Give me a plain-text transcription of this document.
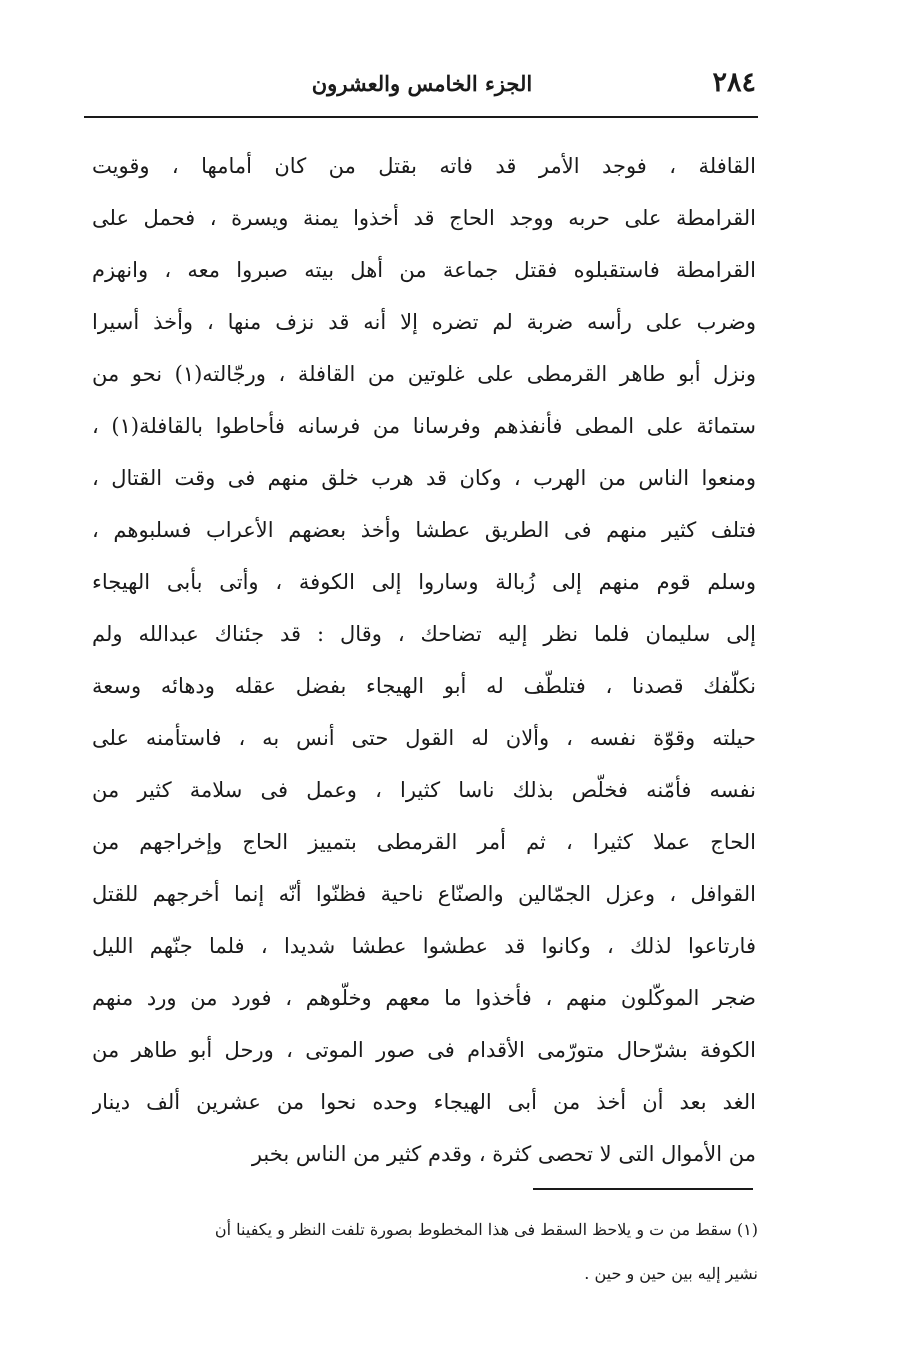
٢٨٤
الجزء الخامس والعشرون
القافلة ، فوجد الأمر قد فاته بقتل من كان أمامها ، وقويت
القرامطة على حربه ووجد الحاج قد أخذوا يمنة ويسرة ، فحمل على
القرامطة فاستقبلوه فقتل جماعة من أهل بيته صبروا معه ، وانهزم
وضرب على رأسه ضربة لم تضره إلا أنه قد نزف منها ، وأخذ أسيرا
ونزل أبو طاهر القرمطى على غلوتين من القافلة ، ورجّالته(١) نحو من
ستمائة على المطى فأنفذهم وفرسانا من فرسانه فأحاطوا بالقافلة(١) ،
ومنعوا الناس من الهرب ، وكان قد هرب خلق منهم فى وقت القتال ،
فتلف كثير منهم فى الطريق عطشا وأخذ بعضهم الأعراب فسلبوهم ،
وسلم قوم منهم إلى زُبالة وساروا إلى الكوفة ، وأتى بأبى الهيجاء
إلى سليمان فلما نظر إليه تضاحك ، وقال : قد جئناك عبدالله ولم
نكلّفك قصدنا ، فتلطّف له أبو الهيجاء بفضل عقله ودهائه وسعة
حيلته وقوّة نفسه ، وألان له القول حتى أنس به ، فاستأمنه على
نفسه فأمّنه فخلّص بذلك ناسا كثيرا ، وعمل فى سلامة كثير من
الحاج عملا كثيرا ، ثم أمر القرمطى بتمييز الحاج وإخراجهم من
القوافل ، وعزل الجمّالين والصنّاع ناحية فظنّوا أنّه إنما أخرجهم للقتل
فارتاعوا لذلك ، وكانوا قد عطشوا عطشا شديدا ، فلما جنّهم الليل
ضجر الموكّلون منهم ، فأخذوا ما معهم وخلّوهم ، فورد من ورد منهم
الكوفة بشرّحال متورّمى الأقدام فى صور الموتى ، ورحل أبو طاهر من
الغد بعد أن أخذ من أبى الهيجاء وحده نحوا من عشرين ألف دينار
من الأموال التى لا تحصى كثرة ، وقدم كثير من الناس بخبر
(١) سقط من ت و يلاحظ السقط فى هذا المخطوط بصورة تلفت النظر و يكفينا أن
نشير إليه بين حين و حين .
